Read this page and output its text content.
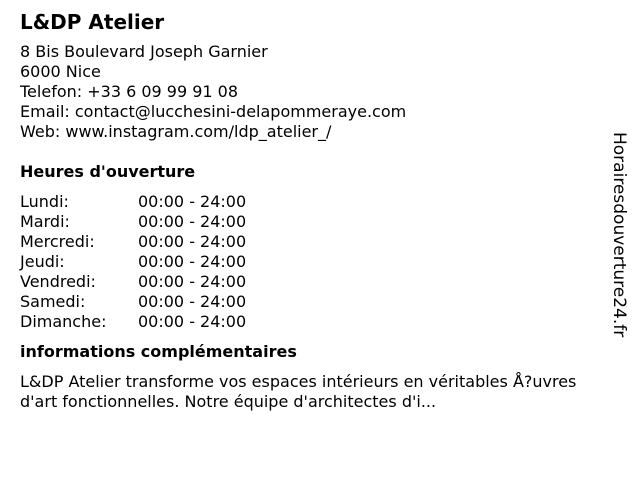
L&DP Atelier
8 Bis Boulevard Joseph Garnier
6000 Nice
Telefon: +33 6 09 99 91 08
Email: contact@lucchesini-delapommeraye.com
Web: www.instagram.com/ldp_atelier_/
Heures d'ouverture
Lundi:	00:00 - 24:00
Mardi:	00:00 - 24:00
Mercredi:	00:00 - 24:00
Jeudi:	00:00 - 24:00
Vendredi:	00:00 - 24:00
Samedi:	00:00 - 24:00
Dimanche:	00:00 - 24:00
informations complémentaires
L&DP Atelier transforme vos espaces intérieurs en véritables Å?uvres d'art fonctionnelles. Notre équipe d'architectes d'i...
Horairesdouverture24.fr
